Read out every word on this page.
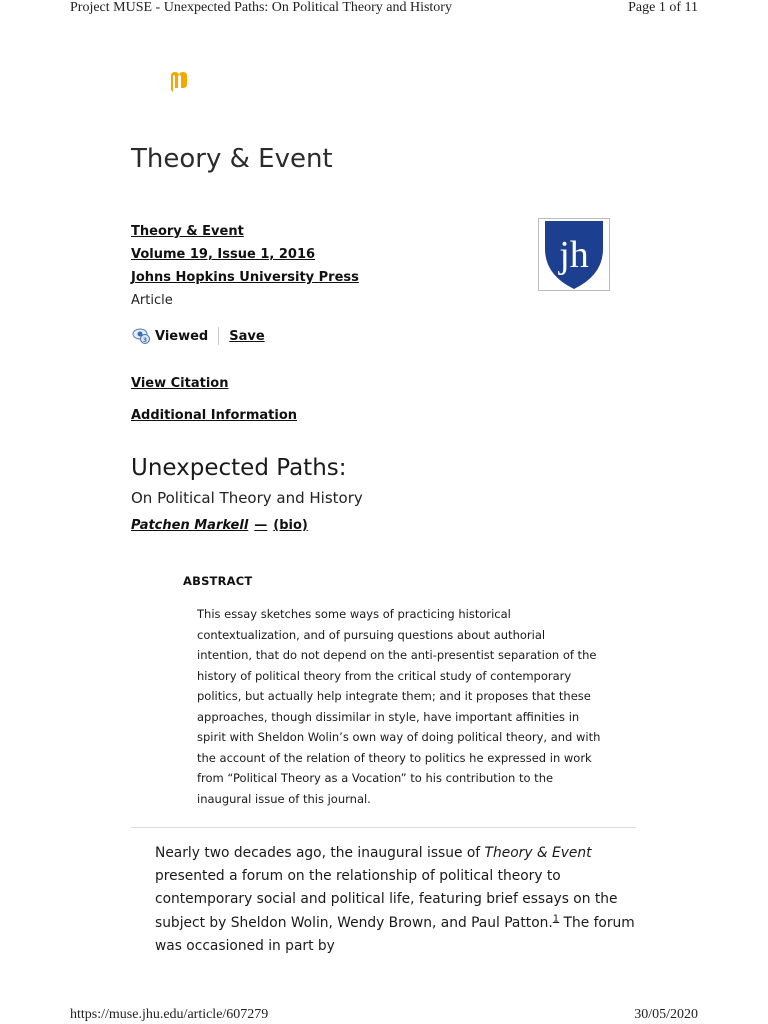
Project MUSE - Unexpected Paths: On Political Theory and History	Page 1 of 11
Theory & Event
Theory & Event
Volume 19, Issue 1, 2016
Johns Hopkins University Press
Article
jh
3 Viewed Save
View Citation
Additional Information
Unexpected Paths:
On Political Theory and History
Patchen Markell — (bio)
ABSTRACT

This essay sketches some ways of practicing historical contextualization, and of pursuing questions about authorial intention, that do not depend on the anti-presentist separation of the history of political theory from the critical study of contemporary politics, but actually help integrate them; and it proposes that these approaches, though dissimilar in style, have important affinities in spirit with Sheldon Wolin’s own way of doing political theory, and with the account of the relation of theory to politics he expressed in work from “Political Theory as a Vocation” to his contribution to the inaugural issue of this journal.

Nearly two decades ago, the inaugural issue of Theory & Event presented a forum on the relationship of political theory to contemporary social and political life, featuring brief essays on the subject by Sheldon Wolin, Wendy Brown, and Paul Patton.$^1$ The forum was occasioned in part by

https://muse.jhu.edu/article/607279	30/05/2020
